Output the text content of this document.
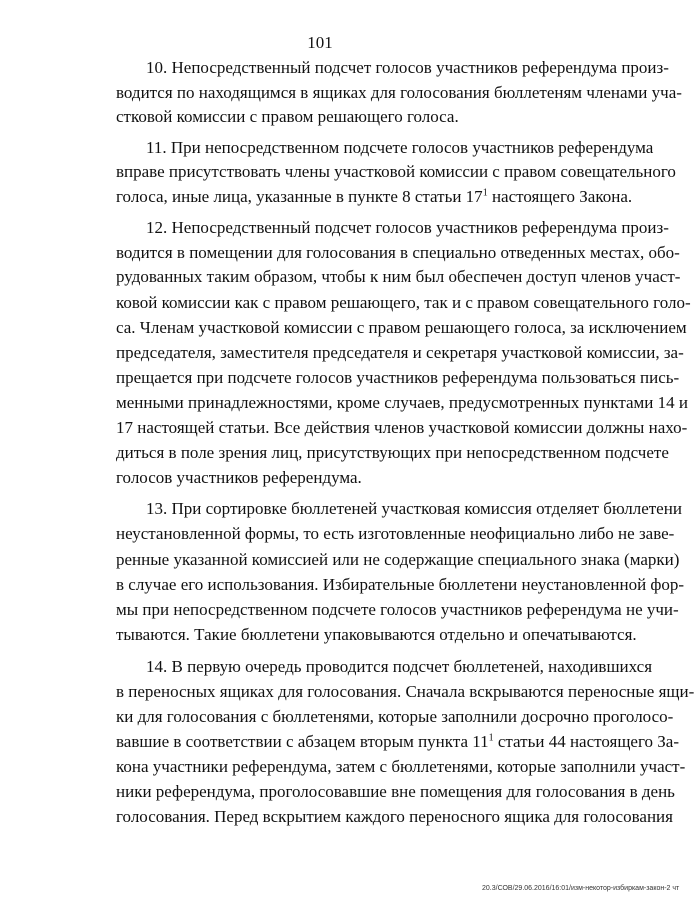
101
10. Непосредственный подсчет голосов участников референдума произ-
водится по находящимся в ящиках для голосования бюллетеням членами уча-
стковой комиссии с правом решающего голоса.
11. При непосредственном подсчете голосов участников референдума
вправе присутствовать члены участковой комиссии с правом совещательного
голоса, иные лица, указанные в пункте 8 статьи $17^1$ настоящего Закона.
12. Непосредственный подсчет голосов участников референдума произ-
водится в помещении для голосования в специально отведенных местах, обо-
рудованных таким образом, чтобы к ним был обеспечен доступ членов участ-
ковой комиссии как с правом решающего, так и с правом совещательного голо-
са. Членам участковой комиссии с правом решающего голоса, за исключением
председателя, заместителя председателя и секретаря участковой комиссии, за-
прещается при подсчете голосов участников референдума пользоваться пись-
менными принадлежностями, кроме случаев, предусмотренных пунктами 14 и
17 настоящей статьи. Все действия членов участковой комиссии должны нахо-
диться в поле зрения лиц, присутствующих при непосредственном подсчете
голосов участников референдума.
13. При сортировке бюллетеней участковая комиссия отделяет бюллетени
неустановленной формы, то есть изготовленные неофициально либо не заве-
ренные указанной комиссией или не содержащие специального знака (марки)
в случае его использования. Избирательные бюллетени неустановленной фор-
мы при непосредственном подсчете голосов участников референдума не учи-
тываются. Такие бюллетени упаковываются отдельно и опечатываются.
14. В первую очередь проводится подсчет бюллетеней, находившихся
в переносных ящиках для голосования. Сначала вскрываются переносные ящи-
ки для голосования с бюллетенями, которые заполнили досрочно проголосо-
вавшие в соответствии с абзацем вторым пункта $11^1$ статьи 44 настоящего За-
кона участники референдума, затем с бюллетенями, которые заполнили участ-
ники референдума, проголосовавшие вне помещения для голосования в день
голосования. Перед вскрытием каждого переносного ящика для голосования
20.3/СОВ/29.06.2016/16:01/изм-некотор-избиркам-закон-2 чт
